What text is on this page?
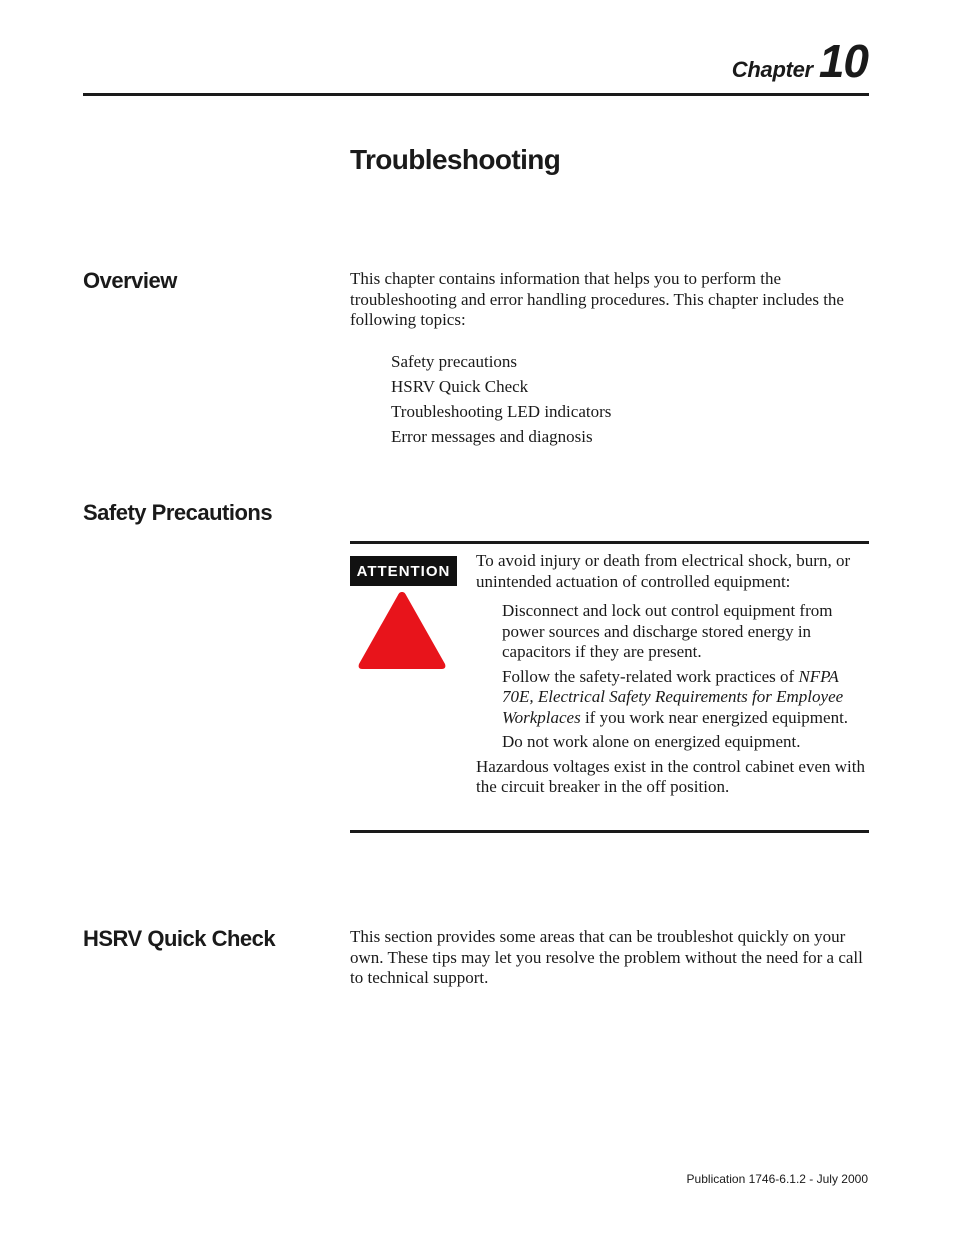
Chapter 10
Troubleshooting
Overview	This chapter contains information that helps you to perform the troubleshooting and error handling procedures. This chapter includes the following topics:

Safety precautions
HSRV Quick Check
Troubleshooting LED indicators
Error messages and diagnosis
Safety Precautions
ATTENTION

To avoid injury or death from electrical shock, burn, or unintended actuation of controlled equipment:

Disconnect and lock out control equipment from power sources and discharge stored energy in capacitors if they are present.

Follow the safety-related work practices of NFPA 70E, Electrical Safety Requirements for Employee Workplaces if you work near energized equipment.

Do not work alone on energized equipment.

Hazardous voltages exist in the control cabinet even with the circuit breaker in the off position.

HSRV Quick Check	This section provides some areas that can be troubleshot quickly on your own. These tips may let you resolve the problem without the need for a call to technical support.

Publication 1746-6.1.2 - July 2000
